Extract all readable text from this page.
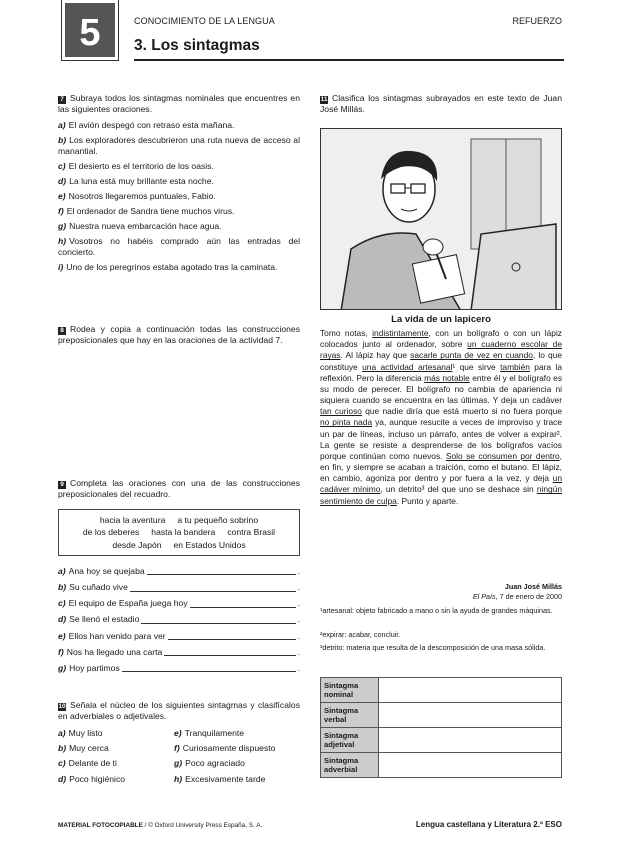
5	CONOCIMIENTO DE LA LENGUA	REFUERZO
3. Los sintagmas
7 Subraya todos los sintagmas nominales que encuentres en las siguientes oraciones.
a) El avión despegó con retraso esta mañana.
b) Los exploradores descubrieron una ruta nueva de acceso al manantial.
c) El desierto es el territorio de los oasis.
d) La luna está muy brillante esta noche.
e) Nosotros llegaremos puntuales, Fabio.
f) El ordenador de Sandra tiene muchos virus.
g) Nuestra nueva embarcación hace agua.
h) Vosotros no habéis comprado aún las entradas del concierto.
i) Uno de los peregrinos estaba agotado tras la caminata.
8 Rodea y copia a continuación todas las construcciones preposicionales que hay en las oraciones de la actividad 7.
9 Completa las oraciones con una de las construcciones preposicionales del recuadro.
hacia la aventura a tu pequeño sobrino
de los deberes hasta la bandera contra Brasil
desde Japón en Estados Unidos
a) Ana hoy se quejaba	.
b) Su cuñado vive	.
c) El equipo de España juega hoy	.
d) Se llenó el estadio	.
e) Ellos han venido para ver	.
f) Nos ha llegado una carta	.
g) Hoy partimos	.
10 Señala el núcleo de los siguientes sintagmas y clasifícalos en adverbiales o adjetivales.
a) Muy listo	e) Tranquilamente
b) Muy cerca	f) Curiosamente dispuesto
c) Delante de ti	g) Poco agraciado
d) Poco higiénico	h) Excesivamente tarde
11 Clasifica los sintagmas subrayados en este texto de Juan José Millás.
La vida de un lapicero
Tomo notas, indistintamente, con un bolígrafo o con un lápiz colocados junto al ordenador, sobre un cuaderno escolar de rayas. Al lápiz hay que sacarle punta de vez en cuando, lo que constituye una actividad artesanal¹ que sirve también para la reflexión. Pero la diferencia más notable entre él y el bolígrafo es su modo de perecer. El bolígrafo no cambia de apariencia ni siquiera cuando se encuentra en las últimas. Y deja un cadáver tan curioso que nadie diría que está muerto si no fuera porque no pinta nada ya, aunque resucite a veces de improviso y trace un par de líneas, incluso un párrafo, antes de volver a expirar². La gente se resiste a desprenderse de los bolígrafos vacíos porque continúan como nuevos. Solo se consumen por dentro, en fin, y siempre se acaban a traición, como el butano. El lápiz, en cambio, agoniza por dentro y por fuera a la vez, y deja un cadáver mínimo, un detrito³ del que uno se deshace sin ningún sentimiento de culpa. Punto y aparte.
Juan José Millás
El País, 7 de enero de 2000
¹artesanal: objeto fabricado a mano o sin la ayuda de grandes máquinas.
²expirar: acabar, concluir.
³detrito: materia que resulta de la descomposición de una masa sólida.
Sintagma nominal	
Sintagma verbal	
Sintagma adjetival	
Sintagma adverbial	
MATERIAL FOTOCOPIABLE / © Oxford University Press España, S. A.	Lengua castellana y Literatura 2.º ESO
